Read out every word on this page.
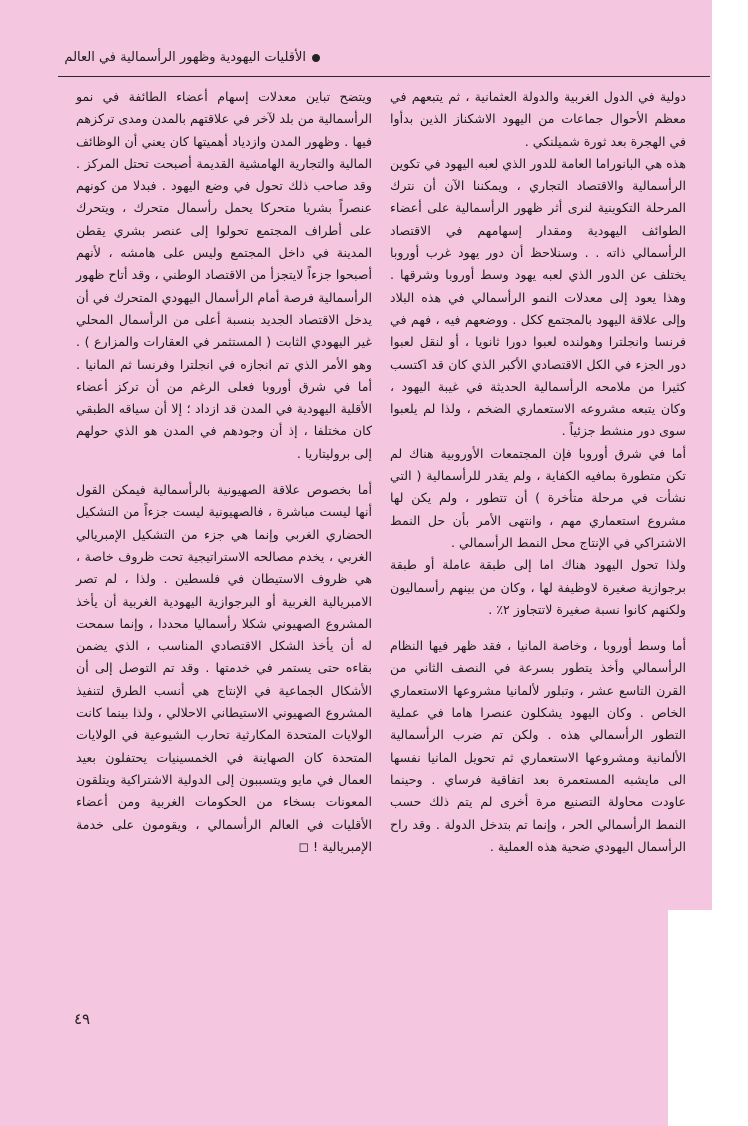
الأقليات اليهودية وظهور الرأسمالية في العالم

دولية في الدول الغربية والدولة العثمانية ، ثم يتبعهم في معظم الأحوال جماعات من اليهود الاشكناز الذين بدأوا في الهجرة بعد ثورة شميلنكي .

هذه هي البانوراما العامة للدور الذي لعبه اليهود في تكوين الرأسمالية والاقتصاد التجاري ، ويمكننا الآن أن نترك المرحلة التكوينية لنرى أثر ظهور الرأسمالية على أعضاء الطوائف اليهودية ومقدار إسهامهم في الاقتصاد الرأسمالي ذاته . . وسنلاحظ أن دور يهود غرب أوروبا يختلف عن الدور الذي لعبه يهود وسط أوروبا وشرقها . وهذا يعود إلى معدلات النمو الرأسمالي في هذه البلاد وإلى علاقة اليهود بالمجتمع ككل . ووضعهم فيه ، فهم في فرنسا وانجلترا وهولنده لعبوا دورا ثانويا ، أو لنقل لعبوا دور الجزء في الكل الاقتصادي الأكبر الذي كان قد اكتسب كثيرا من ملامحه الرأسمالية الحديثة في غيبة اليهود ، وكان يتبعه مشروعه الاستعماري الضخم ، ولذا لم يلعبوا سوى دور منشط جزئياً .

أما في شرق أوروبا فإن المجتمعات الأوروبية هناك لم تكن متطورة بمافيه الكفاية ، ولم يقدر للرأسمالية ( التي نشأت في مرحلة متأخرة ) أن تتطور ، ولم يكن لها مشروع استعماري مهم ، وانتهى الأمر بأن حل النمط الاشتراكي في الإنتاج محل النمط الرأسمالي .

ولذا تحول اليهود هناك اما إلى طبقة عاملة أو طبقة برجوازية صغيرة لاوظيفة لها ، وكان من بينهم رأسماليون ولكنهم كانوا نسبة صغيرة لاتتجاوز ٢٪ .

أما وسط أوروبا ، وخاصة المانيا ، فقد ظهر فيها النظام الرأسمالي وأخذ يتطور بسرعة في النصف الثاني من القرن التاسع عشر ، وتبلور لألمانيا مشروعها الاستعماري الخاص . وكان اليهود يشكلون عنصرا هاما في عملية التطور الرأسمالي هذه . ولكن تم ضرب الرأسمالية الألمانية ومشروعها الاستعماري ثم تحويل المانيا نفسها الى مايشبه المستعمرة بعد اتفاقية فرساي . وحينما عاودت محاولة التصنيع مرة أخرى لم يتم ذلك حسب النمط الرأسمالي الحر ، وإنما تم بتدخل الدولة . وقد راح الرأسمال اليهودي ضحية هذه العملية .

ويتضح تباين معدلات إسهام أعضاء الطائفة في نمو الرأسمالية من بلد لآخر في علاقتهم بالمدن ومدى تركزهم فيها . وظهور المدن وازدياد أهميتها كان يعني أن الوظائف المالية والتجارية الهامشية القديمة أصبحت تحتل المركز . وقد صاحب ذلك تحول في وضع اليهود . فبدلا من كونهم عنصراً بشريا متحركا يحمل رأسمال متحرك ، ويتحرك على أطراف المجتمع تحولوا إلى عنصر بشري يقطن المدينة في داخل المجتمع وليس على هامشه ، لأنهم أصبحوا جزءاً لايتجزأ من الاقتصاد الوطني ، وقد أتاح ظهور الرأسمالية فرصة أمام الرأسمال اليهودي المتحرك في أن يدخل الاقتصاد الجديد بنسبة أعلى من الرأسمال المحلي غير اليهودي الثابت ( المستثمر في العقارات والمزارع ) . وهو الأمر الذي تم انجازه في انجلترا وفرنسا ثم المانيا . أما في شرق أوروبا فعلى الرغم من أن تركز أعضاء الأقلية اليهودية في المدن قد ازداد ؛ إلا أن سياقه الطبقي كان مختلفا ، إذ أن وجودهم في المدن هو الذي حولهم إلى بروليتاريا .

أما بخصوص علاقة الصهيونية بالرأسمالية فيمكن القول أنها ليست مباشرة ، فالصهيونية ليست جزءاً من التشكيل الحضاري الغربي وإنما هي جزء من التشكيل الإمبريالي الغربي ، يخدم مصالحه الاستراتيجية تحت ظروف خاصة ، هي ظروف الاستيطان في فلسطين . ولذا ، لم تصر الامبريالية الغربية أو البرجوازية اليهودية الغربية أن يأخذ المشروع الصهيوني شكلا رأسماليا محددا ، وإنما سمحت له أن يأخذ الشكل الاقتصادي المناسب ، الذي يضمن بقاءه حتى يستمر في خدمتها . وقد تم التوصل إلى أن الأشكال الجماعية في الإنتاج هي أنسب الطرق لتنفيذ المشروع الصهيوني الاستيطاني الاحلالي ، ولذا بينما كانت الولايات المتحدة المكارثية تحارب الشيوعية في الولايات المتحدة كان الصهاينة في الخمسينيات يحتفلون بعيد العمال في مايو ويتسببون إلى الدولية الاشتراكية ويتلقون المعونات بسخاء من الحكومات الغربية ومن أعضاء الأقليات في العالم الرأسمالي ، ويقومون على خدمة الإمبريالية ! ◻

٤٩
